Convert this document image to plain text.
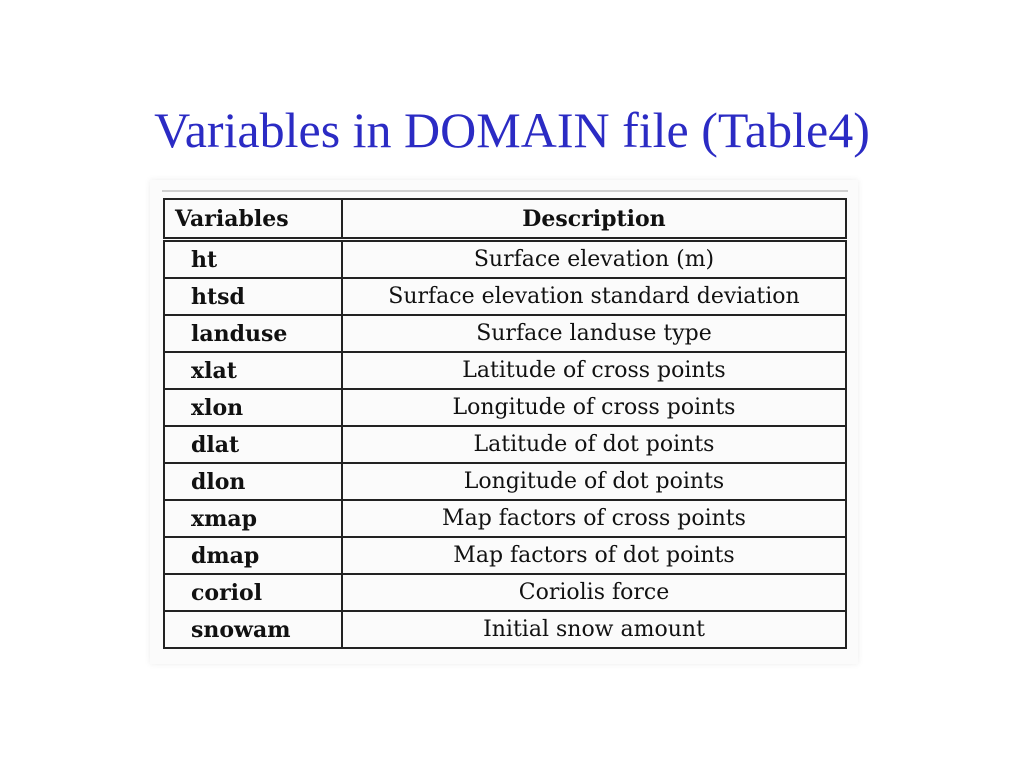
Variables in DOMAIN file (Table4)
Variables	Description
ht	Surface elevation (m)
htsd	Surface elevation standard deviation
landuse	Surface landuse type
xlat	Latitude of cross points
xlon	Longitude of cross points
dlat	Latitude of dot points
dlon	Longitude of dot points
xmap	Map factors of cross points
dmap	Map factors of dot points
coriol	Coriolis force
snowam	Initial snow amount
